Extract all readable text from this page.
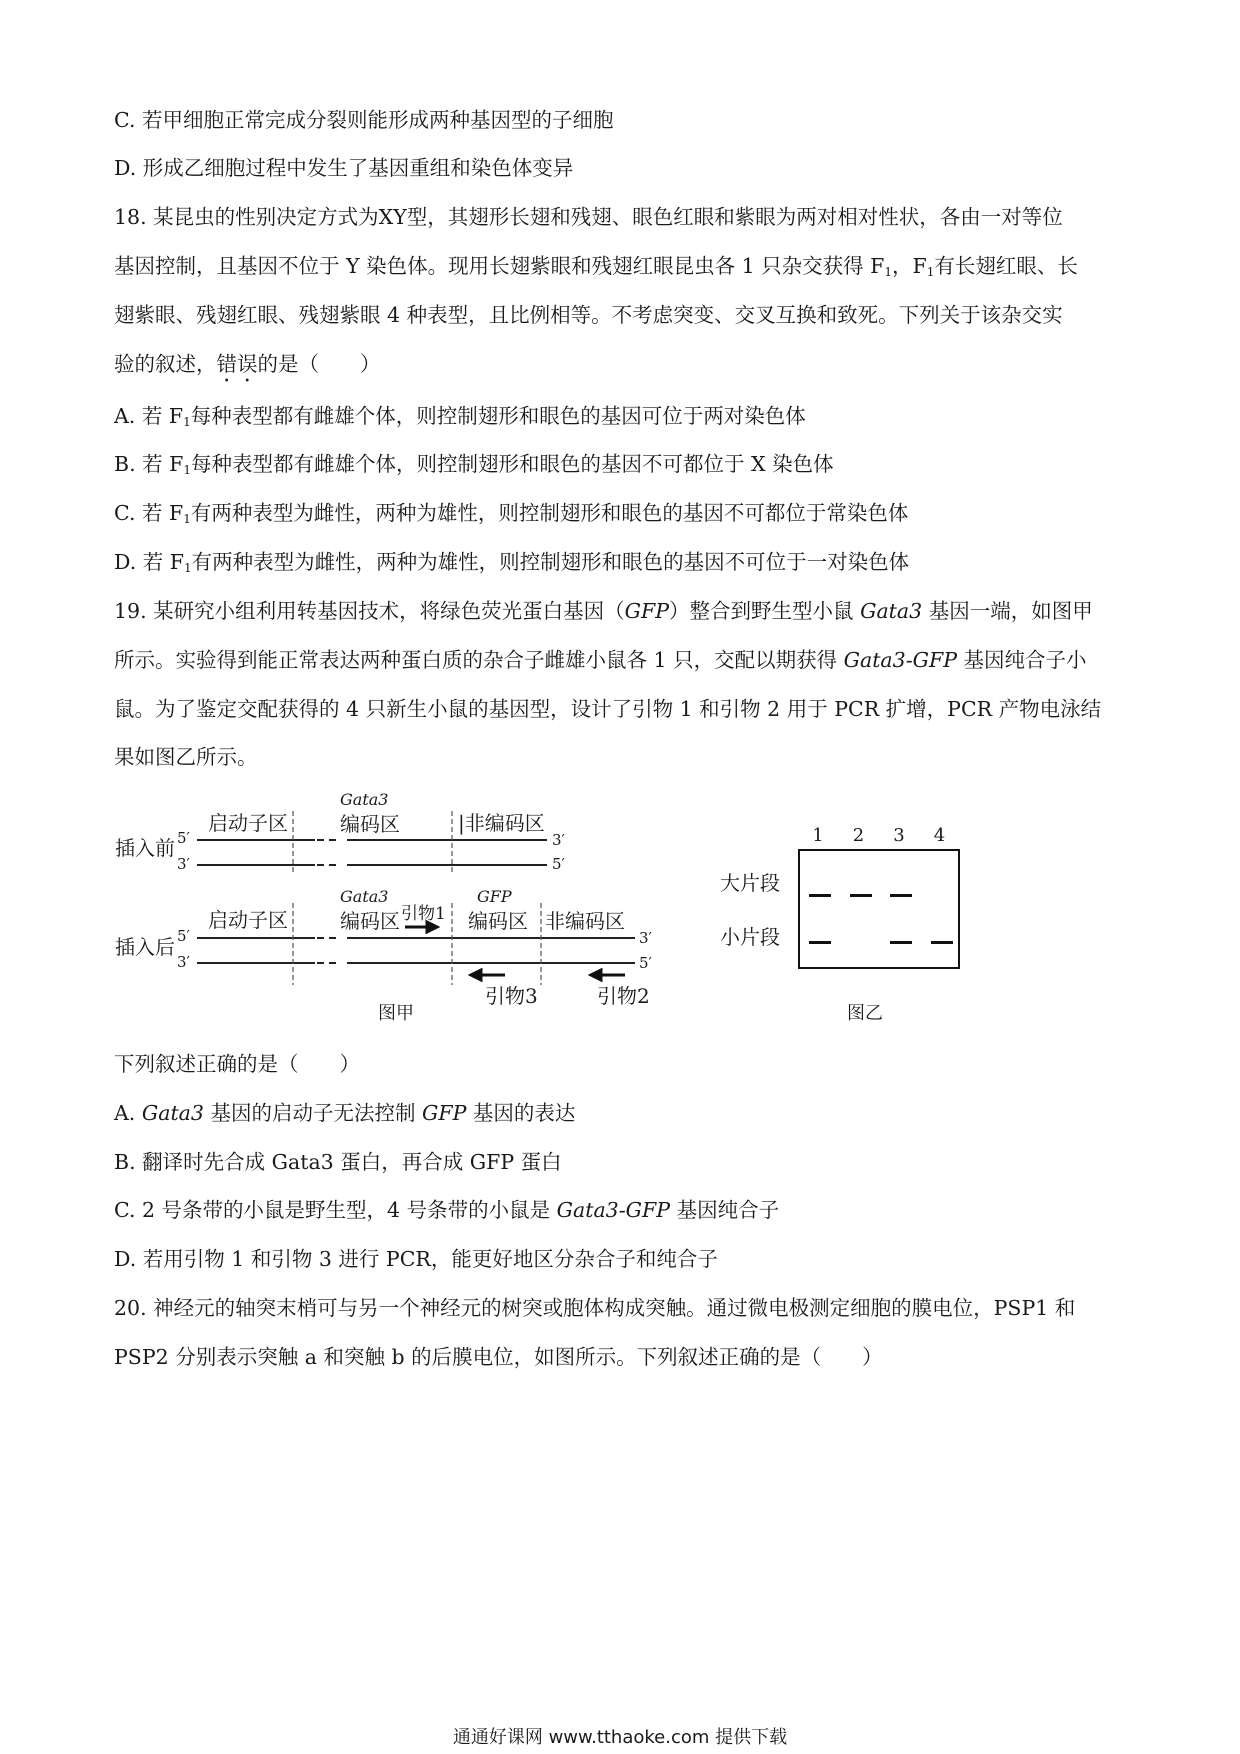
C. 若甲细胞正常完成分裂则能形成两种基因型的子细胞
D. 形成乙细胞过程中发生了基因重组和染色体变异
18. 某昆虫的性别决定方式为XY型，其翅形长翅和残翅、眼色红眼和紫眼为两对相对性状，各由一对等位
基因控制，且基因不位于 Y 染色体。现用长翅紫眼和残翅红眼昆虫各 1 只杂交获得 $F_1$，$F_1$有长翅红眼、长
翅紫眼、残翅红眼、残翅紫眼 4 种表型，且比例相等。不考虑突变、交叉互换和致死。下列关于该杂交实
验的叙述，错误的是（　　）
A. 若 $F_1$每种表型都有雌雄个体，则控制翅形和眼色的基因可位于两对染色体
B. 若 $F_1$每种表型都有雌雄个体，则控制翅形和眼色的基因不可都位于 X 染色体
C. 若 $F_1$有两种表型为雌性，两种为雄性，则控制翅形和眼色的基因不可都位于常染色体
D. 若 $F_1$有两种表型为雌性，两种为雄性，则控制翅形和眼色的基因不可位于一对染色体
19. 某研究小组利用转基因技术，将绿色荧光蛋白基因（GFP）整合到野生型小鼠 Gata3 基因一端，如图甲
所示。实验得到能正常表达两种蛋白质的杂合子雌雄小鼠各 1 只，交配以期获得 Gata3-GFP 基因纯合子小
鼠。为了鉴定交配获得的 4 只新生小鼠的基因型，设计了引物 1 和引物 2 用于 PCR 扩增，PCR 产物电泳结
果如图乙所示。
插入前
插入后
5′
3′
3′
5′
5′
3′
3′
5′
启动子区
Gata3
编码区	|非编码区
启动子区
Gata3
编码区 引物1
GFP
编码区 非编码区
引物3	引物2
图甲
大片段
小片段
1 2 3 4
图乙
下列叙述正确的是（　　）
A. Gata3 基因的启动子无法控制 GFP 基因的表达
B. 翻译时先合成 Gata3 蛋白，再合成 GFP 蛋白
C. 2 号条带的小鼠是野生型，4 号条带的小鼠是 Gata3-GFP 基因纯合子
D. 若用引物 1 和引物 3 进行 PCR，能更好地区分杂合子和纯合子
20. 神经元的轴突末梢可与另一个神经元的树突或胞体构成突触。通过微电极测定细胞的膜电位，PSP1 和
PSP2 分别表示突触 a 和突触 b 的后膜电位，如图所示。下列叙述正确的是（　　）
通通好课网 www.tthaoke.com 提供下载
